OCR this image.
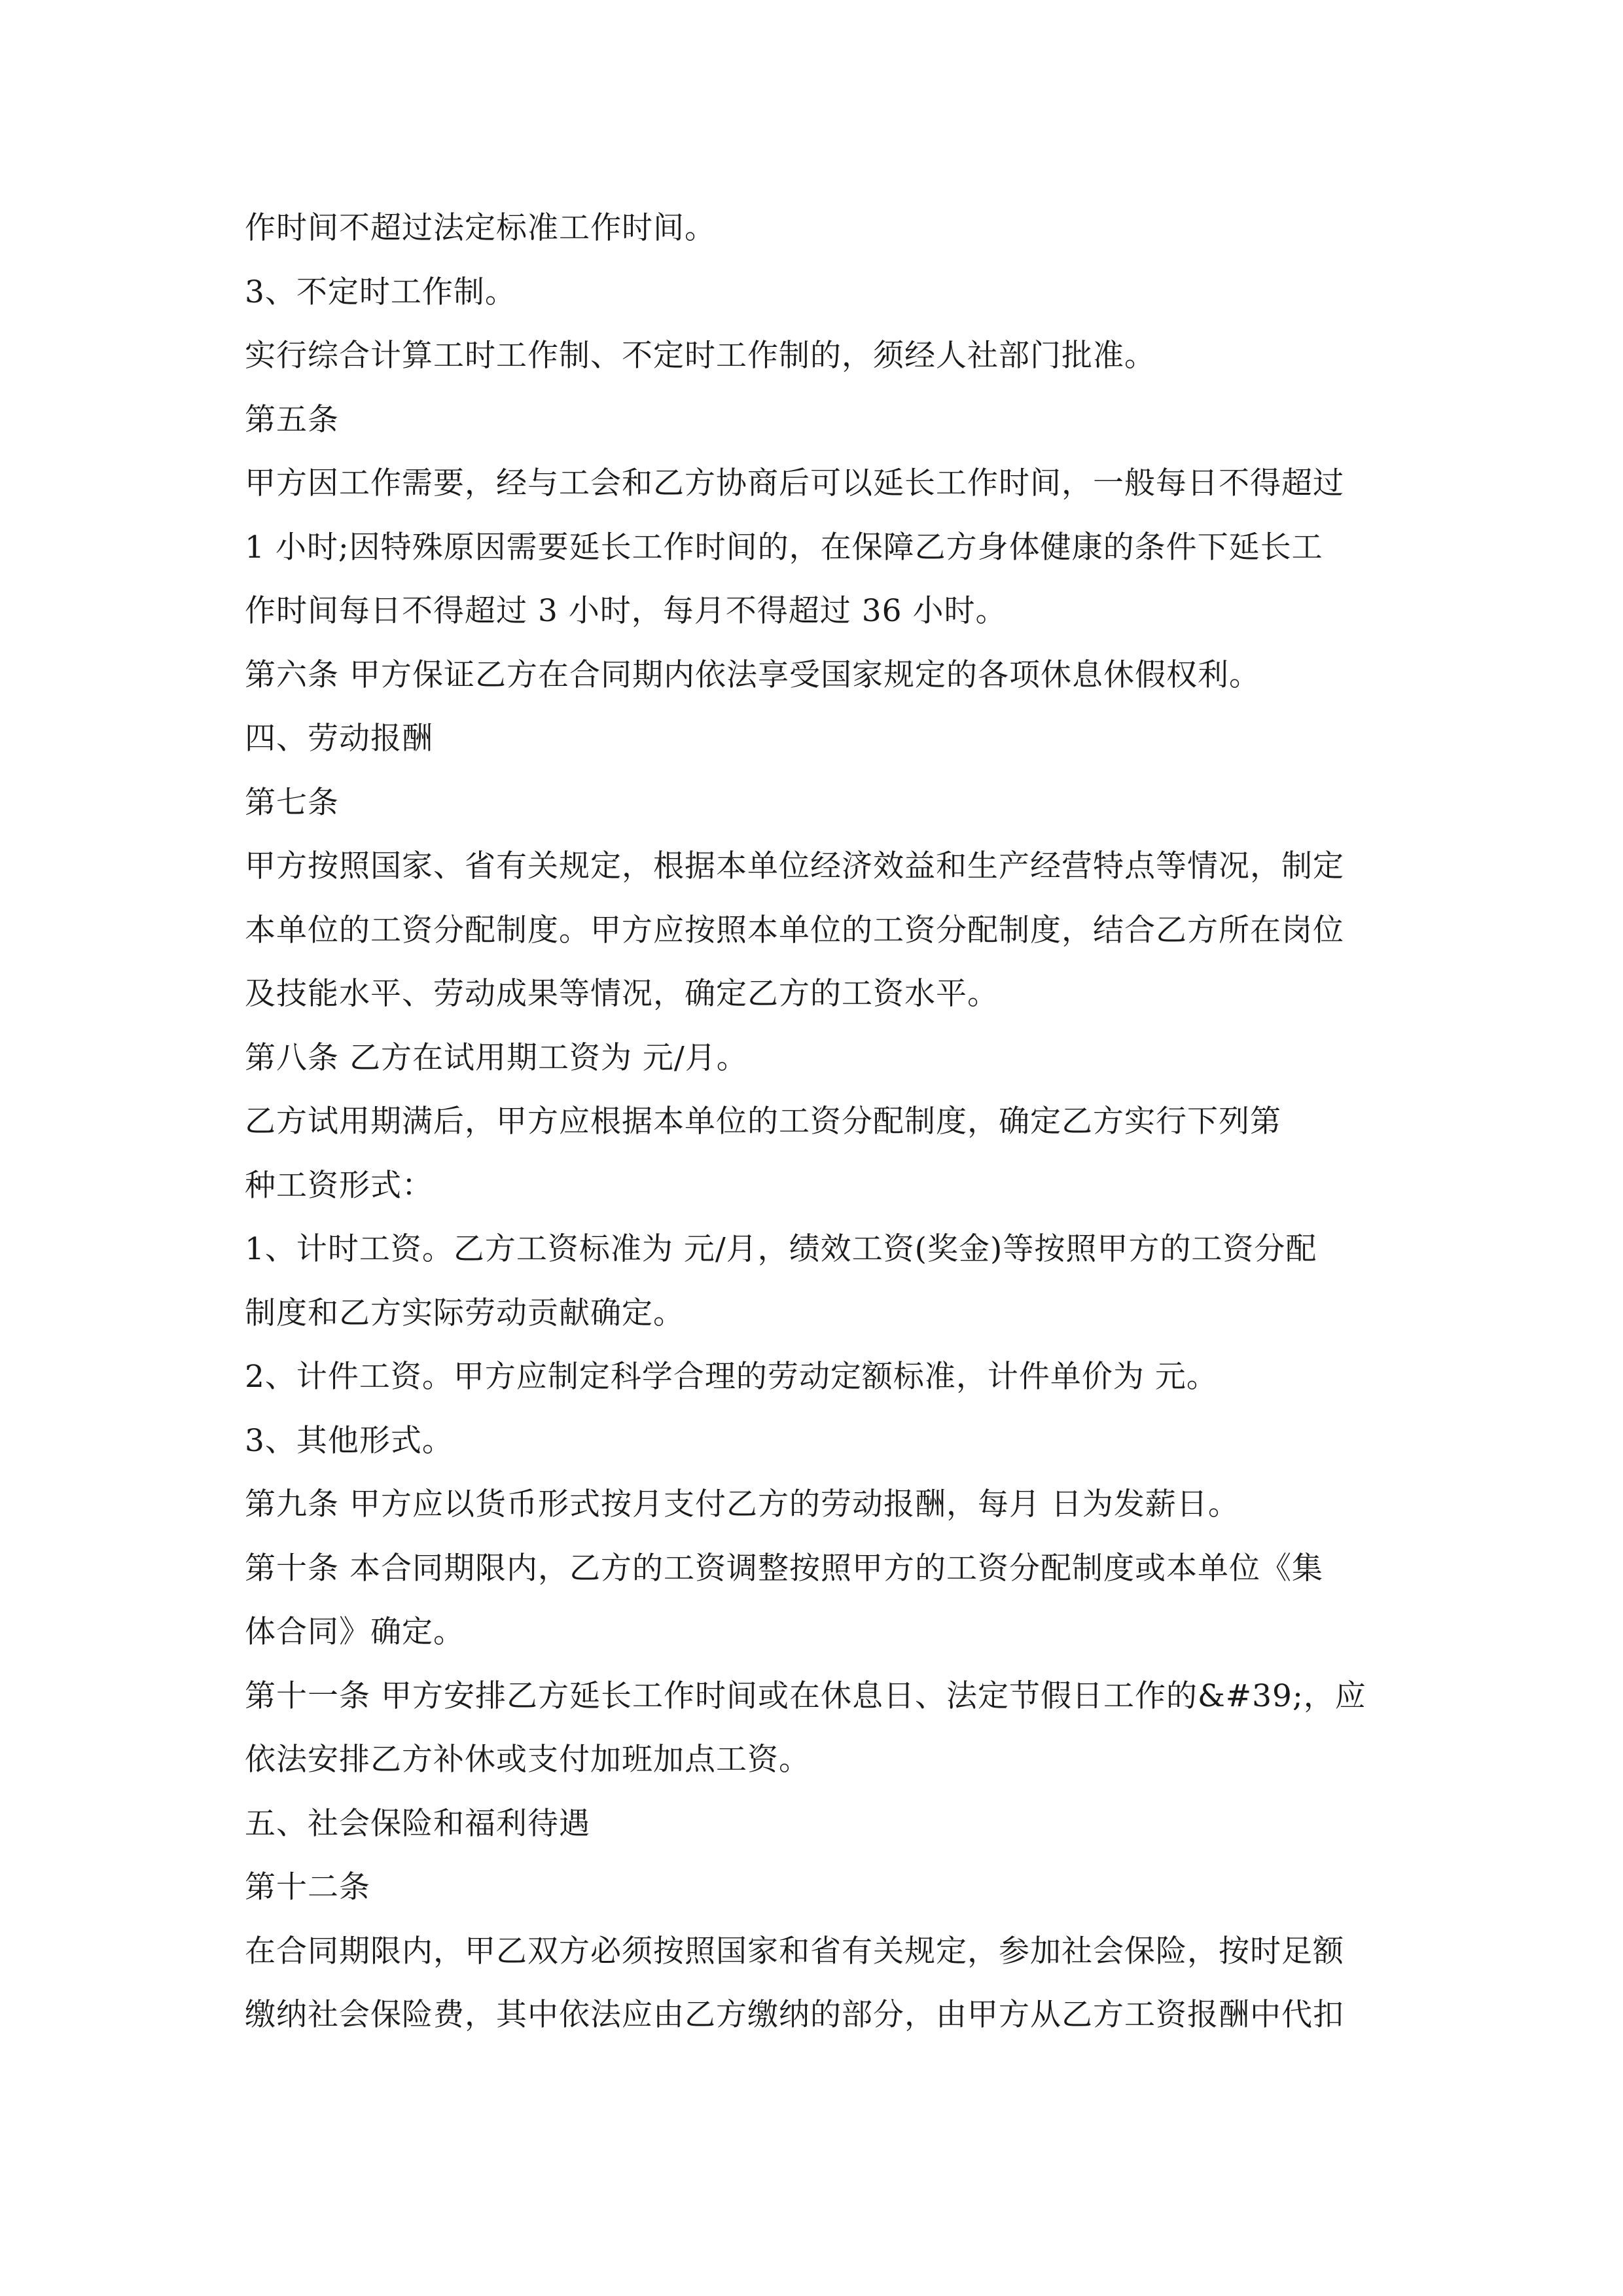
作时间不超过法定标准工作时间。
3、不定时工作制。
实行综合计算工时工作制、不定时工作制的，须经人社部门批准。
第五条
甲方因工作需要，经与工会和乙方协商后可以延长工作时间，一般每日不得超过
1 小时;因特殊原因需要延长工作时间的，在保障乙方身体健康的条件下延长工
作时间每日不得超过 3 小时，每月不得超过 36 小时。
第六条 甲方保证乙方在合同期内依法享受国家规定的各项休息休假权利。
四、劳动报酬
第七条
甲方按照国家、省有关规定，根据本单位经济效益和生产经营特点等情况，制定
本单位的工资分配制度。甲方应按照本单位的工资分配制度，结合乙方所在岗位
及技能水平、劳动成果等情况，确定乙方的工资水平。
第八条 乙方在试用期工资为 元/月。
乙方试用期满后，甲方应根据本单位的工资分配制度，确定乙方实行下列第
种工资形式：
1、计时工资。乙方工资标准为 元/月，绩效工资(奖金)等按照甲方的工资分配
制度和乙方实际劳动贡献确定。
2、计件工资。甲方应制定科学合理的劳动定额标准，计件单价为 元。
3、其他形式。
第九条 甲方应以货币形式按月支付乙方的劳动报酬，每月 日为发薪日。
第十条 本合同期限内，乙方的工资调整按照甲方的工资分配制度或本单位《集
体合同》确定。
第十一条 甲方安排乙方延长工作时间或在休息日、法定节假日工作的&#39;，应
依法安排乙方补休或支付加班加点工资。
五、社会保险和福利待遇
第十二条
在合同期限内，甲乙双方必须按照国家和省有关规定，参加社会保险，按时足额
缴纳社会保险费，其中依法应由乙方缴纳的部分，由甲方从乙方工资报酬中代扣
